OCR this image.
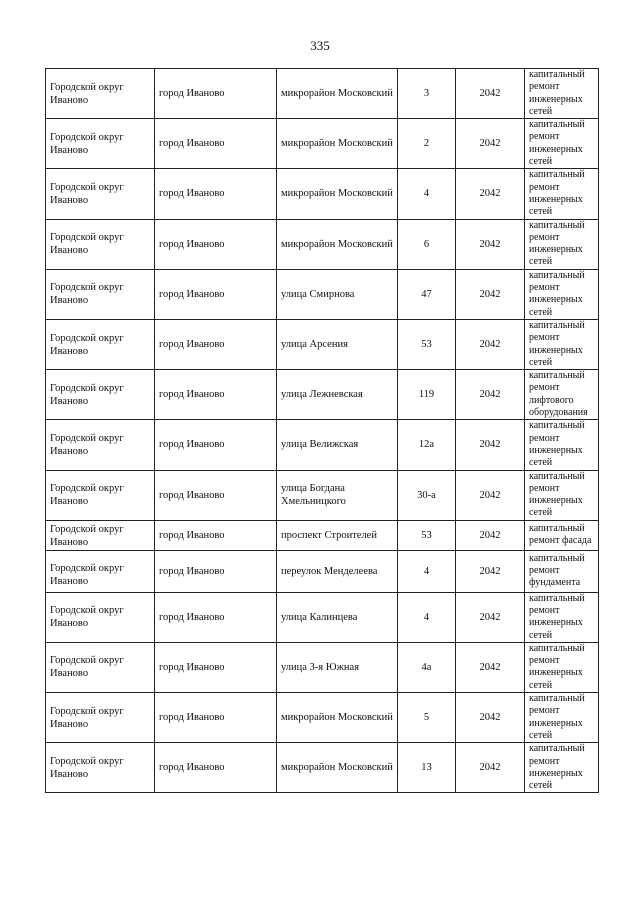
335
Городской округ Иваново	город Иваново	микрорайон Московский	3	2042	капитальный ремонт инженерных сетей
Городской округ Иваново	город Иваново	микрорайон Московский	2	2042	капитальный ремонт инженерных сетей
Городской округ Иваново	город Иваново	микрорайон Московский	4	2042	капитальный ремонт инженерных сетей
Городской округ Иваново	город Иваново	микрорайон Московский	6	2042	капитальный ремонт инженерных сетей
Городской округ Иваново	город Иваново	улица Смирнова	47	2042	капитальный ремонт инженерных сетей
Городской округ Иваново	город Иваново	улица Арсения	53	2042	капитальный ремонт инженерных сетей
Городской округ Иваново	город Иваново	улица Лежневская	119	2042	капитальный ремонт лифтового оборудования
Городской округ Иваново	город Иваново	улица Велижская	12а	2042	капитальный ремонт инженерных сетей
Городской округ Иваново	город Иваново	улица Богдана Хмельницкого	30-а	2042	капитальный ремонт инженерных сетей
Городской округ Иваново	город Иваново	проспект Строителей	53	2042	капитальный ремонт фасада
Городской округ Иваново	город Иваново	переулок Менделеева	4	2042	капитальный ремонт фундамента
Городской округ Иваново	город Иваново	улица Калинцева	4	2042	капитальный ремонт инженерных сетей
Городской округ Иваново	город Иваново	улица 3-я Южная	4а	2042	капитальный ремонт инженерных сетей
Городской округ Иваново	город Иваново	микрорайон Московский	5	2042	капитальный ремонт инженерных сетей
Городской округ Иваново	город Иваново	микрорайон Московский	13	2042	капитальный ремонт инженерных сетей
